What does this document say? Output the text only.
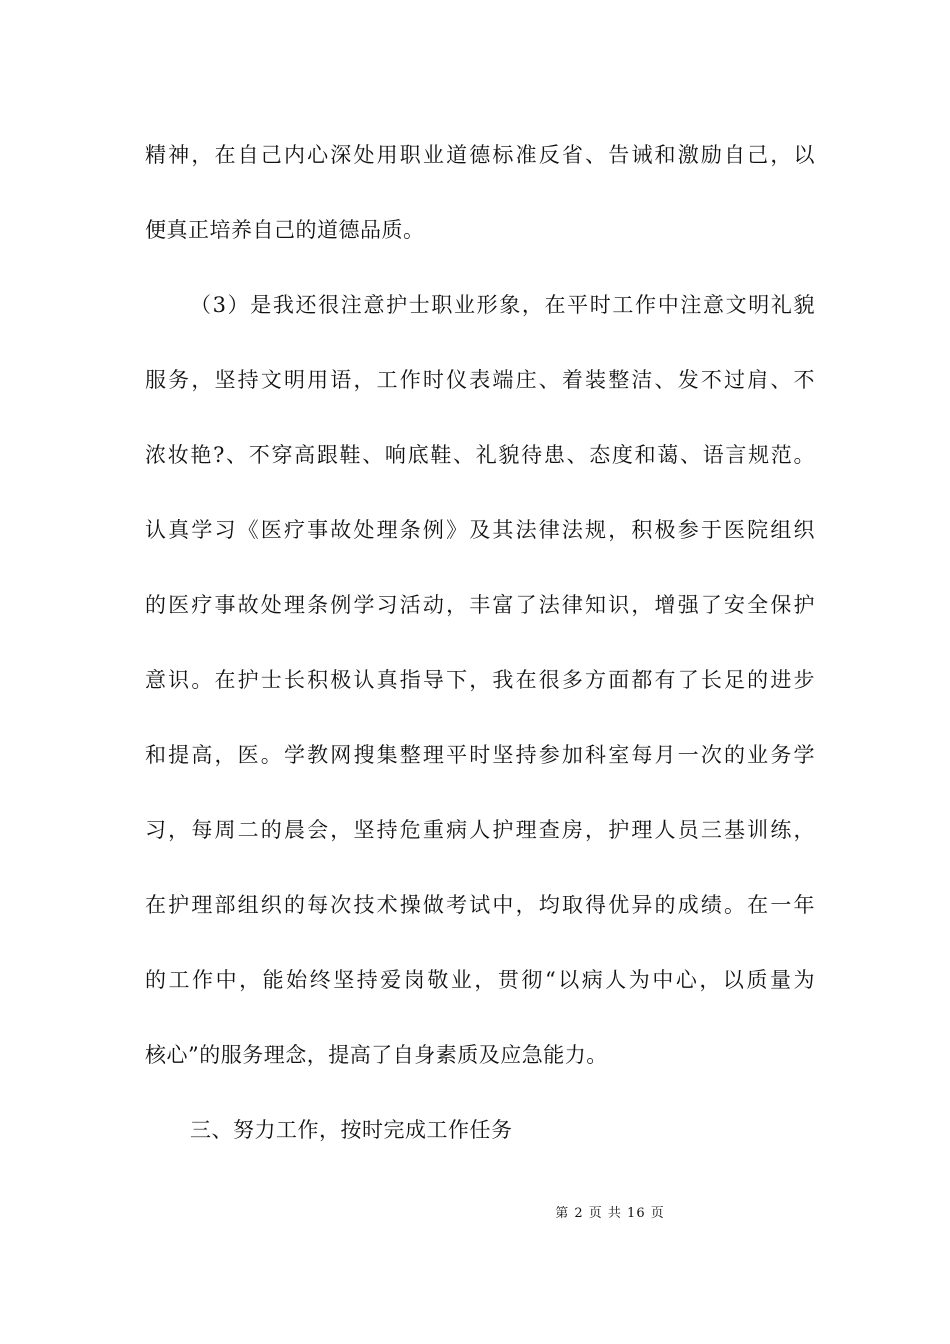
精神，在自己内心深处用职业道德标准反省、告诫和激励自己，以
便真正培养自己的道德品质。
（3）是我还很注意护士职业形象，在平时工作中注意文明礼貌
服务，坚持文明用语，工作时仪表端庄、着装整洁、发不过肩、不
浓妆艳?、不穿高跟鞋、响底鞋、礼貌待患、态度和蔼、语言规范。
认真学习《医疗事故处理条例》及其法律法规，积极参于医院组织
的医疗事故处理条例学习活动，丰富了法律知识，增强了安全保护
意识。在护士长积极认真指导下，我在很多方面都有了长足的进步
和提高，医。学教网搜集整理平时坚持参加科室每月一次的业务学
习，每周二的晨会，坚持危重病人护理查房，护理人员三基训练，
在护理部组织的每次技术操做考试中，均取得优异的成绩。在一年
的工作中，能始终坚持爱岗敬业，贯彻“以病人为中心，以质量为
核心”的服务理念，提高了自身素质及应急能力。
三、努力工作，按时完成工作任务
第 2 页 共 16 页
